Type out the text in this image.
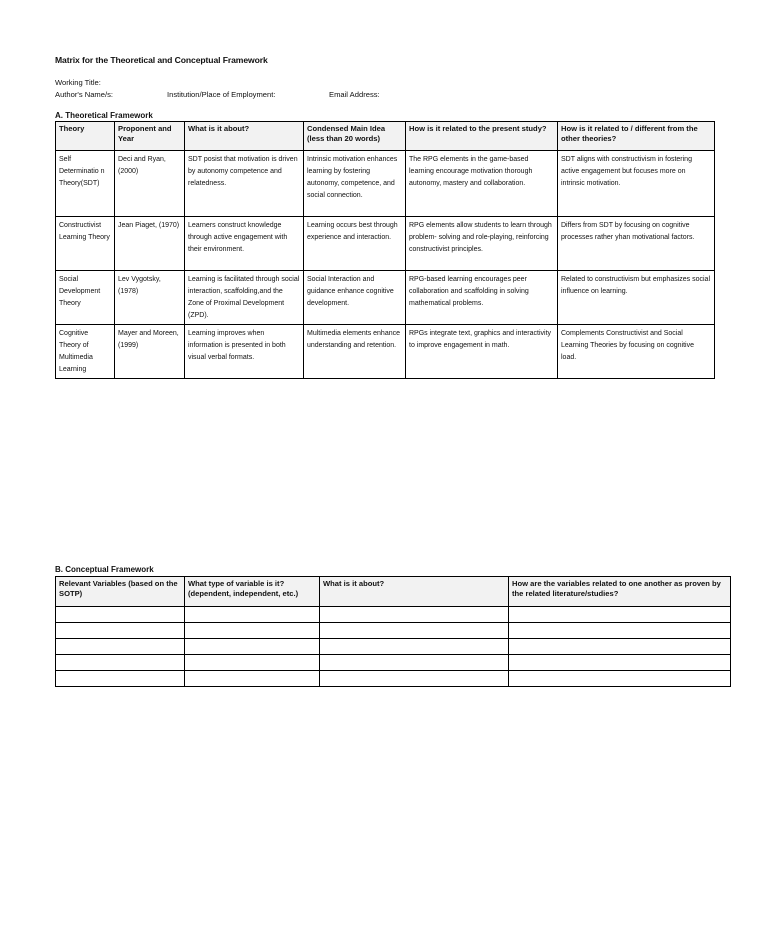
Matrix for the Theoretical and Conceptual Framework
Working Title:
Author's Name/s:	Institution/Place of Employment:	Email Address:
A. Theoretical Framework
Theory	Proponent and Year	What is it about?	Condensed Main Idea (less than 20 words)	How is it related to the present study?	How is it related to / different from the other theories?
Self Determinatio n Theory(SDT)	Deci and Ryan,(2000)	SDT posist that motivation is driven by autonomy competence and relatedness.	Intrinsic motivation enhances learning by fostering autonomy, competence, and social connection.	The RPG elements in the game-based learning encourage motivation thorough autonomy, mastery and collaboration.	SDT aligns with constructivism in fostering active engagement but focuses more on intrinsic motivation.
Constructivist Learning Theory	Jean Piaget, (1970)	Learners construct knowledge through active engagement with their environment.	Learning occurs best through experience and interaction.	RPG elements allow students to learn through problem- solving and role-playing, reinforcing constructivist principles.	Differs from SDT by focusing on cognitive processes rather yhan motivational factors.
Social Development Theory	Lev Vygotsky, (1978)	Learning is facilitated through social interaction, scaffolding,and the Zone of Proximal Development (ZPD).	Social Interaction and guidance enhance cognitive development.	RPG-based learning encourages peer collaboration and scaffolding in solving mathematical problems.	Related to constructivism but emphasizes social influence on learning.
Cognitive Theory of Multimedia Learning	Mayer and Moreen,(1999)	Learning improves when information is presented in both visual verbal formats.	Multimedia elements enhance understanding and retention.	RPGs integrate text, graphics and interactivity to improve engagement in math.	Complements Constructivist and Social Learning Theories by focusing on cognitive load.
B. Conceptual Framework
Relevant Variables (based on the SOTP)	What type of variable is it? (dependent, independent, etc.)	What is it about?	How are the variables related to one another as proven by the related literature/studies?
